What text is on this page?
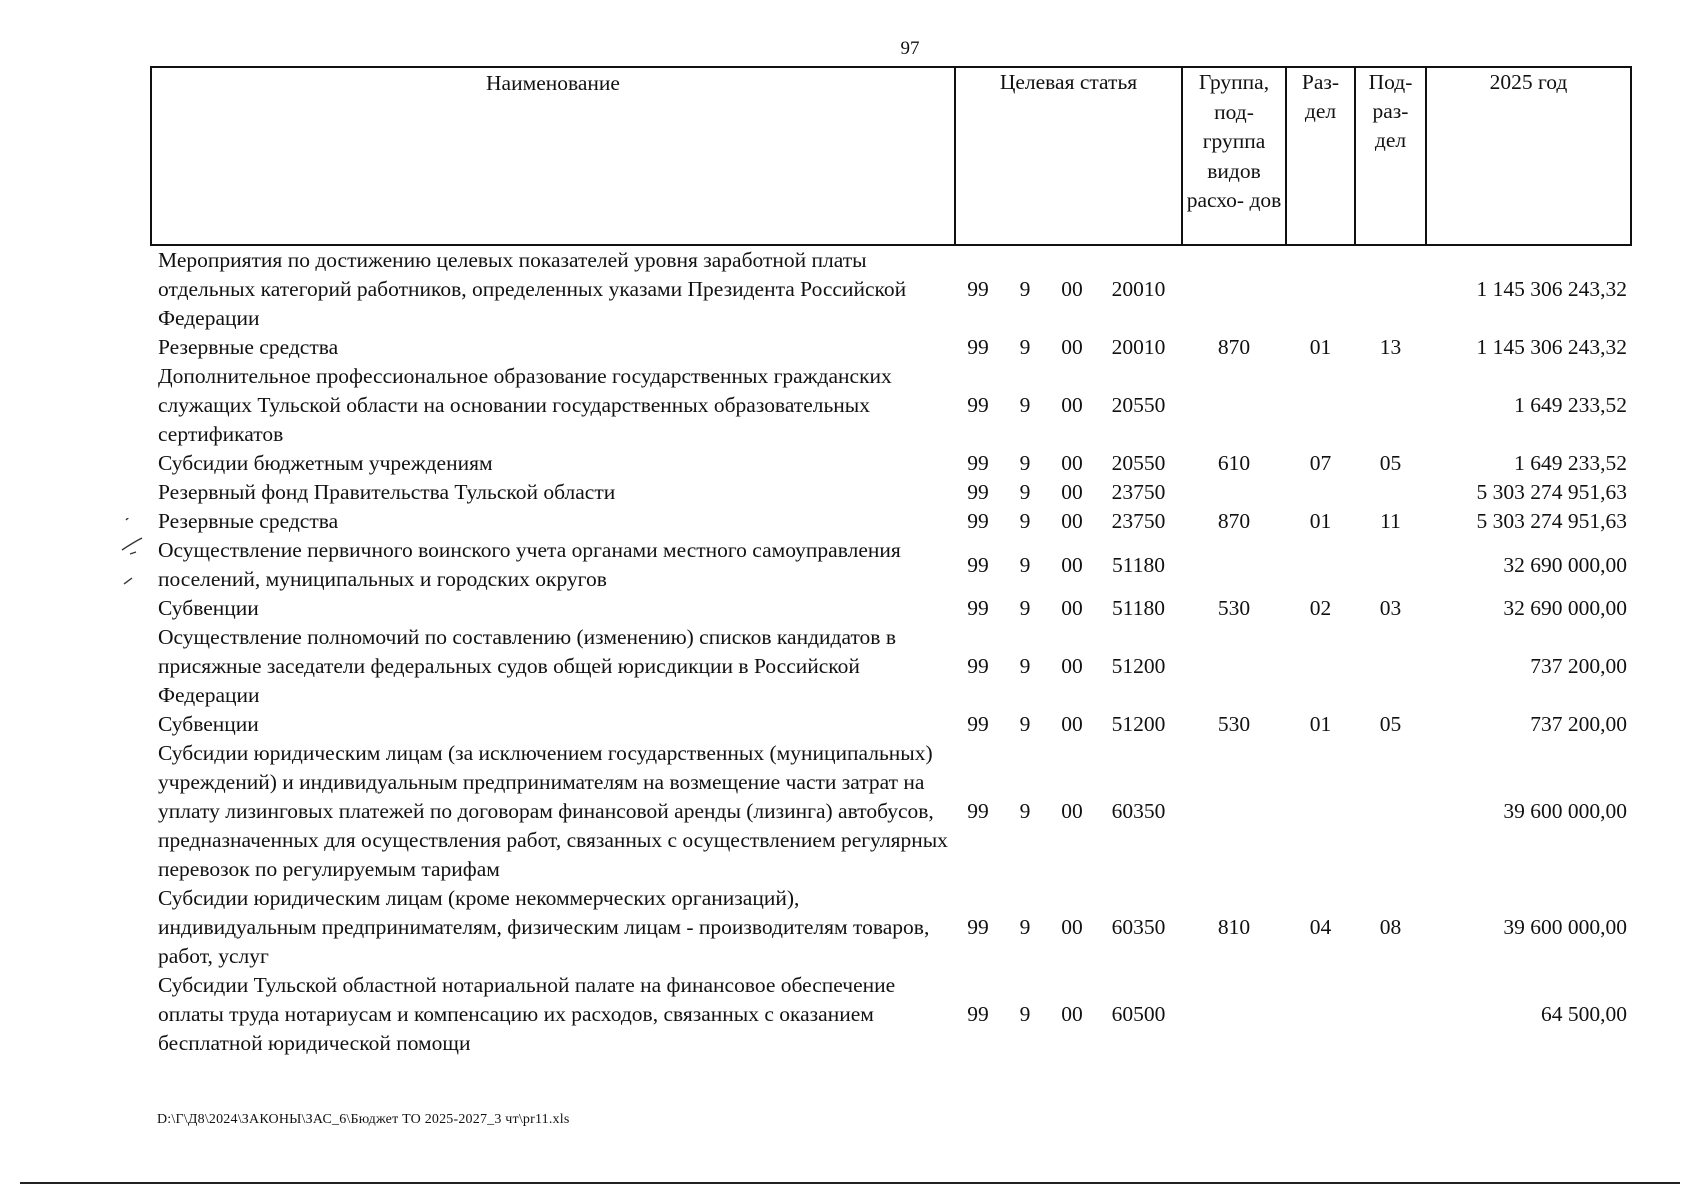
97
Наименование	Целевая статья				Группа, под- группа видов расхо- дов	Раз- дел	Под- раз- дел	2025 год
Мероприятия по достижению целевых показателей уровня заработной платы отдельных категорий работников, определенных указами Президента Российской Федерации	99	9	00	20010				1 145 306 243,32
Резервные средства	99	9	00	20010	870	01	13	1 145 306 243,32
Дополнительное профессиональное образование государственных гражданских служащих Тульской области на основании государственных образовательных сертификатов	99	9	00	20550				1 649 233,52
Субсидии бюджетным учреждениям	99	9	00	20550	610	07	05	1 649 233,52
Резервный фонд Правительства Тульской области	99	9	00	23750				5 303 274 951,63
Резервные средства	99	9	00	23750	870	01	11	5 303 274 951,63
Осуществление первичного воинского учета органами местного самоуправления поселений, муниципальных и городских округов	99	9	00	51180				32 690 000,00
Субвенции	99	9	00	51180	530	02	03	32 690 000,00
Осуществление полномочий по составлению (изменению) списков кандидатов в присяжные заседатели федеральных судов общей юрисдикции в Российской Федерации	99	9	00	51200				737 200,00
Субвенции	99	9	00	51200	530	01	05	737 200,00
Субсидии юридическим лицам (за исключением государственных (муниципальных) учреждений) и индивидуальным предпринимателям на возмещение части затрат на уплату лизинговых платежей по договорам финансовой аренды (лизинга) автобусов, предназначенных для осуществления работ, связанных с осуществлением регулярных перевозок по регулируемым тарифам	99	9	00	60350				39 600 000,00
Субсидии юридическим лицам (кроме некоммерческих организаций), индивидуальным предпринимателям, физическим лицам - производителям товаров, работ, услуг	99	9	00	60350	810	04	08	39 600 000,00
Субсидии Тульской областной нотариальной палате на финансовое обеспечение оплаты труда нотариусам и компенсацию их расходов, связанных с оказанием бесплатной юридической помощи	99	9	00	60500				64 500,00
D:\Г\Д8\2024\ЗАКОНЫ\ЗАС_6\Бюджет ТО 2025-2027_3 чт\pr11.xls
